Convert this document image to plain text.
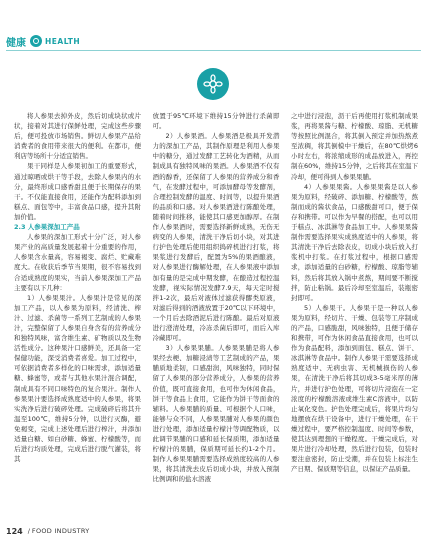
健康	HEALTH

将人参果去掉外皮，然后切成块状或片状，接着对其进行保鲜处理，完成这些步骤后，便可投放市场销售。鲜切人参果产品给消费者的食用带来很大的便利。在都市，便利店等场所十分适宜销售。

果干同样是人参果初加工的重要形式，通过晾晒或烘干等手段，去除人参果内的水分，最终形成口感香甜且便于长期保存的果干。不仅能直接食用，还能作为配料添加到糕点、面包等中，丰富食品口感，提升其附加价值。

2.3 人参果深加工产品

人参果的深加工形式十分广泛，对人参果产业的高质量发展起着十分重要的作用，人参果含水量高，容易褐变、腐烂、贮藏难度大。在收获后季节当果期，很不容易找到合适成熟度的果实，当前人参果深加工产品主要有以下几种：

1）人参果果汁。人参果汁是常见的深加工产品，以人参果为原料，经清洗、榨汁、过滤、杀菌等一系列工艺制成的人参果汁，完整保留了人参果自身含有的营养成分和独特风味，富含维生素、矿物质以及生物活性成分。这种果汁口感鲜美，还具备一定保健功能，深受消费者喜爱。加工过程中，可依据消费者多样化的口味需求，添加适量糖、蜂蜜等，或者与其他水果汁混合调配，制成具有不同口味特色的复合果汁。制作人参果果汁要选择成熟度适中的人参果，将果实洗净后进行破碎处理。完成破碎后将其升温至100℃，维持5分钟，以进行灭酶，避免褐变，完成上述处理后进行榨汁，并添加适量白糖、如白砂糖、蜂蜜、柠檬酸等，而后进行均质处理，完成后进行脱气灌装，将其

放置于95℃环境下维持15分钟进行杀菌即可。

2）人参果酒。人参果酒是极具开发潜力的深加工产品，其制作原理是利用人参果中的糖分，通过发酵工艺转化为酒精，从而制成具有独特风味的果酒。人参果酒不仅有酒的醇香，还保留了人参果的营养成分和香气，在发酵过程中，可添加酵母等发酵剂，合理控制发酵的温度、时间等，以提升果酒的品质和口感。对人参果酒进行陈酿处理，随着时间推移，能使其口感更加醇厚。在制作人参果酒时，需要选择新鲜成熟，无伤无病变的人参果，清洗干净后切小块，对其进行护色处理后使用组织捣碎机进行打浆，将果浆进行发酵后，配置为5%的果酒酿液，对人参果进行酶解处理，在人参果液中添加加有量的是完成中期发酵，在酿造过程控温发酵，视实际情况发酵7.9天，每天定时搅拌1-2次，最后对液体过滤获得醪类原液，对滤后得到的酒液放置于20℃以下环境中，一个月后去除酒泥后进行陈酿。最后对原液进行澄清处理，冷冻杀菌后即可，而后入库冷藏即可。

3）人参果果脯。人参果果脯是将人参果经去梗、加糖浸渍等工艺制成的产品，果脯质地柔韧，口感甜润，风味独特，同时保留了人参果的部分营养成分，人参果的营养价值，既可直接食用，也可作为休闲食品，饼干等食品上食用，它能作为饼干等面食的辅料。人参果脯的质量、可根据个人口味，能够与众不同，人参果果脯对人参果的颜色进行处理，添加适量柠檬汁等调配物质，以此调节果脯的口感和延长保质期，添加适量柠檬汁的果脯，保质期可延长约1-2个月。制作人参果果脯需要选择成熟度较高的人参果，将其清洗去皮后切成小块，并放入预制比例调和的盐水溶液

之中进行浸泡，沥干后再使用打浆机制成果浆，再将果酱与糖、柠檬酸、琼脂、无机糖等按照比例混合，将其倒入预定并加热熬煮至浓稠，将其倒模中干燥后，在80℃烘烤6小时左右，将浓缩成形的成品放进入，再控制在60%，维持15分钟，之后将其在室温下冷却，便可得到人参果果脯。

4）人参果果酱。人参果果酱是以人参果为原料，经破碎、添加糖、柠檬酸等，熬制而成的酱状食品，口感酸甜可口，便于保存和携带。可以作为早餐的搭配，也可以用于糕点、冰淇淋等食品加工中。人参果果酱制作需要选择果实成熟度适中的人参果，将其清洗干净后去除表皮，切成小块后放入打浆机中打浆。在打浆过程中，根据口感需求，添加适量的白砂糖，柠檬酸、琼脂等辅料，然后将其放入锅中煮熬，期间要不断搅拌，防止粘锅。最后冷却至室温后，装瓶密封即可。

5）人参果干。人参果干是一种以人参果为原料，经切片、干燥、包装等工序制成的产品，口感脆甜，风味独特，且便于储存和携带，可作为休闲食品直接食用，也可以作为食品配料，添加到面包、糕点、饼干、冰淇淋等食品中。制作人参果干需要选择成熟度适中、无病虫害、无机械损伤的人参果，在清洗干净后将其切成3-5毫米厚的薄片，并进行护色处理，可将切片浸泡在一定浓度的柠檬酸溶液或维生素C溶液中，以防止氧化变色。护色处理完成后，将果片均匀地摆放在烘干设备中，进行干燥处理，在干燥过程中，要严格控制温度、时间等参数，使其达到理想的干燥程度。干燥完成后，对果片进行冷却处理，然后进行包装，包装时要注意密封，防止受潮，并在包装上标注生产日期、保质期等信息，以保证产品质量。

124 / FOOD INDUSTRY
